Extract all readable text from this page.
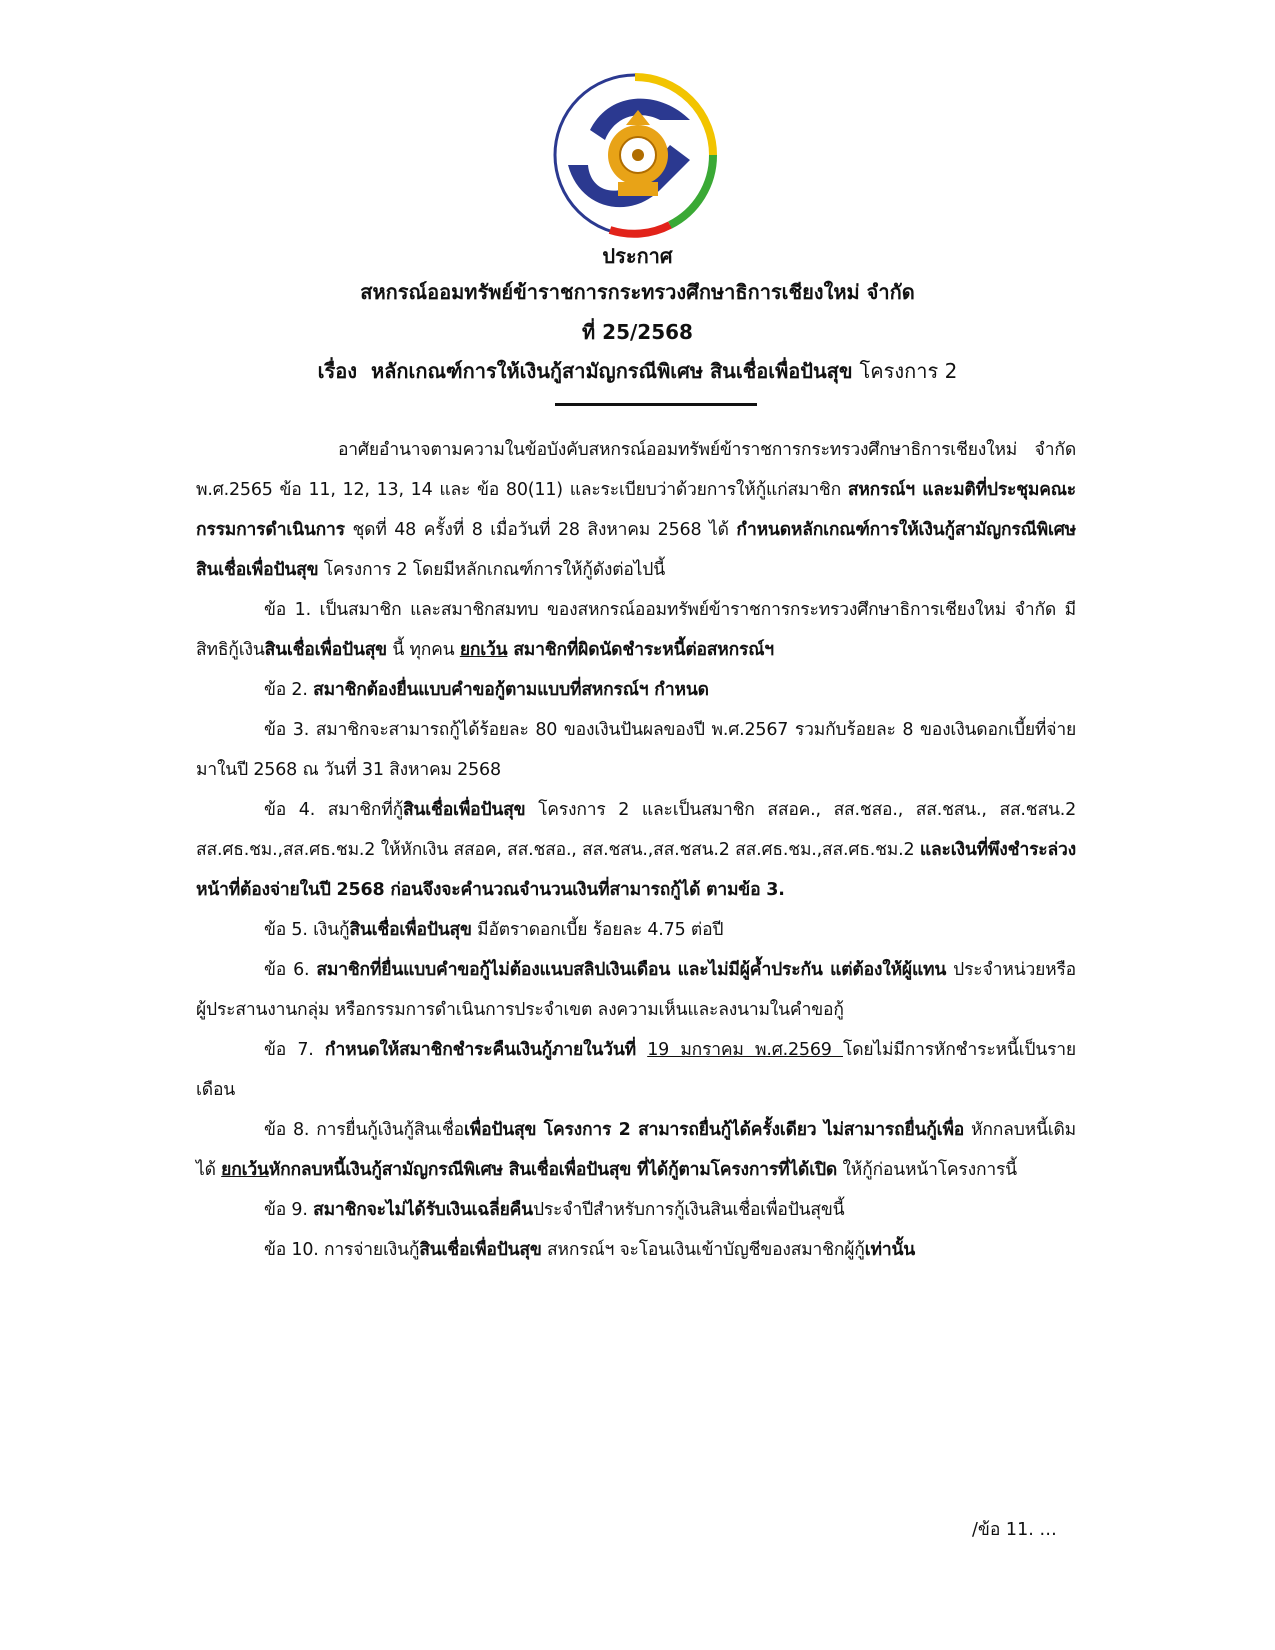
ประกาศ
สหกรณ์ออมทรัพย์ข้าราชการกระทรวงศึกษาธิการเชียงใหม่ จำกัด
ที่ 25/2568
เรื่อง หลักเกณฑ์การให้เงินกู้สามัญกรณีพิเศษ สินเชื่อเพื่อปันสุข โครงการ 2

อาศัยอำนาจตามความในข้อบังคับสหกรณ์ออมทรัพย์ข้าราชการกระทรวงศึกษาธิการเชียงใหม่ จำกัด พ.ศ.2565 ข้อ 11, 12, 13, 14 และ ข้อ 80(11) และระเบียบว่าด้วยการให้กู้แก่สมาชิก สหกรณ์ฯ และมติที่ประชุมคณะกรรมการดำเนินการ ชุดที่ 48 ครั้งที่ 8 เมื่อวันที่ 28 สิงหาคม 2568 ได้ กำหนดหลักเกณฑ์การให้เงินกู้สามัญกรณีพิเศษ สินเชื่อเพื่อปันสุข โครงการ 2 โดยมีหลักเกณฑ์การให้กู้ดังต่อไปนี้

ข้อ 1. เป็นสมาชิก และสมาชิกสมทบ ของสหกรณ์ออมทรัพย์ข้าราชการกระทรวงศึกษาธิการเชียงใหม่ จำกัด มีสิทธิกู้เงินสินเชื่อเพื่อปันสุข นี้ ทุกคน ยกเว้น สมาชิกที่ผิดนัดชำระหนี้ต่อสหกรณ์ฯ

ข้อ 2. สมาชิกต้องยื่นแบบคำขอกู้ตามแบบที่สหกรณ์ฯ กำหนด

ข้อ 3. สมาชิกจะสามารถกู้ได้ร้อยละ 80 ของเงินปันผลของปี พ.ศ.2567 รวมกับร้อยละ 8 ของเงินดอกเบี้ยที่จ่ายมาในปี 2568 ณ วันที่ 31 สิงหาคม 2568

ข้อ 4. สมาชิกที่กู้สินเชื่อเพื่อปันสุข โครงการ 2 และเป็นสมาชิก สสอค., สส.ชสอ., สส.ชสน., สส.ชสน.2 สส.ศธ.ชม.,สส.ศธ.ชม.2 ให้หักเงิน สสอค, สส.ชสอ., สส.ชสน.,สส.ชสน.2 สส.ศธ.ชม.,สส.ศธ.ชม.2 และเงินที่พึงชำระล่วงหน้าที่ต้องจ่ายในปี 2568 ก่อนจึงจะคำนวณจำนวนเงินที่สามารถกู้ได้ ตามข้อ 3.

ข้อ 5. เงินกู้สินเชื่อเพื่อปันสุข มีอัตราดอกเบี้ย ร้อยละ 4.75 ต่อปี

ข้อ 6. สมาชิกที่ยื่นแบบคำขอกู้ไม่ต้องแนบสลิปเงินเดือน และไม่มีผู้ค้ำประกัน แต่ต้องให้ผู้แทน ประจำหน่วยหรือ ผู้ประสานงานกลุ่ม หรือกรรมการดำเนินการประจำเขต ลงความเห็นและลงนามในคำขอกู้

ข้อ 7. กำหนดให้สมาชิกชำระคืนเงินกู้ภายในวันที่ 19 มกราคม พ.ศ.2569 โดยไม่มีการหักชำระหนี้เป็นรายเดือน

ข้อ 8. การยื่นกู้เงินกู้สินเชื่อเพื่อปันสุข โครงการ 2 สามารถยื่นกู้ได้ครั้งเดียว ไม่สามารถยื่นกู้เพื่อ หักกลบหนี้เดิมได้ ยกเว้นหักกลบหนี้เงินกู้สามัญกรณีพิเศษ สินเชื่อเพื่อปันสุข ที่ได้กู้ตามโครงการที่ได้เปิด ให้กู้ก่อนหน้าโครงการนี้

ข้อ 9. สมาชิกจะไม่ได้รับเงินเฉลี่ยคืนประจำปีสำหรับการกู้เงินสินเชื่อเพื่อปันสุขนี้

ข้อ 10. การจ่ายเงินกู้สินเชื่อเพื่อปันสุข สหกรณ์ฯ จะโอนเงินเข้าบัญชีของสมาชิกผู้กู้เท่านั้น

/ข้อ 11. …
